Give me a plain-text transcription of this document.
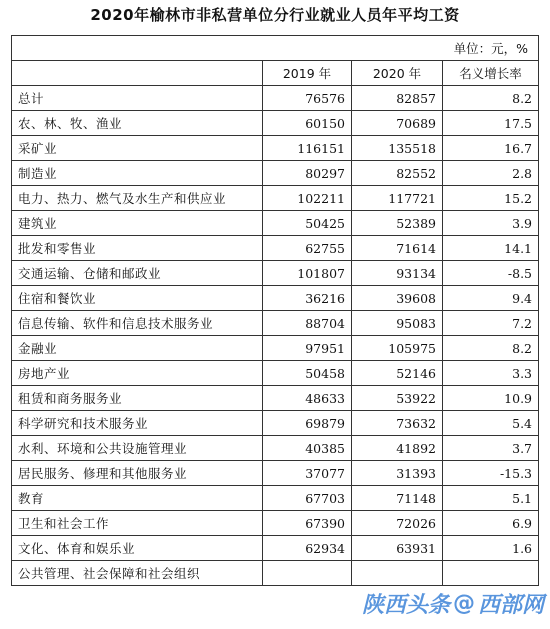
2020年榆林市非私营单位分行业就业人员年平均工资
单位：元，%			
	2019 年	2020 年	名义增长率
总计	76576	82857	8.2
农、林、牧、渔业	60150	70689	17.5
采矿业	116151	135518	16.7
制造业	80297	82552	2.8
电力、热力、燃气及水生产和供应业	102211	117721	15.2
建筑业	50425	52389	3.9
批发和零售业	62755	71614	14.1
交通运输、仓储和邮政业	101807	93134	-8.5
住宿和餐饮业	36216	39608	9.4
信息传输、软件和信息技术服务业	88704	95083	7.2
金融业	97951	105975	8.2
房地产业	50458	52146	3.3
租赁和商务服务业	48633	53922	10.9
科学研究和技术服务业	69879	73632	5.4
水利、环境和公共设施管理业	40385	41892	3.7
居民服务、修理和其他服务业	37077	31393	-15.3
教育	67703	71148	5.1
卫生和社会工作	67390	72026	6.9
文化、体育和娱乐业	62934	63931	1.6
公共管理、社会保障和社会组织			
陕西头条 @ 西部网
